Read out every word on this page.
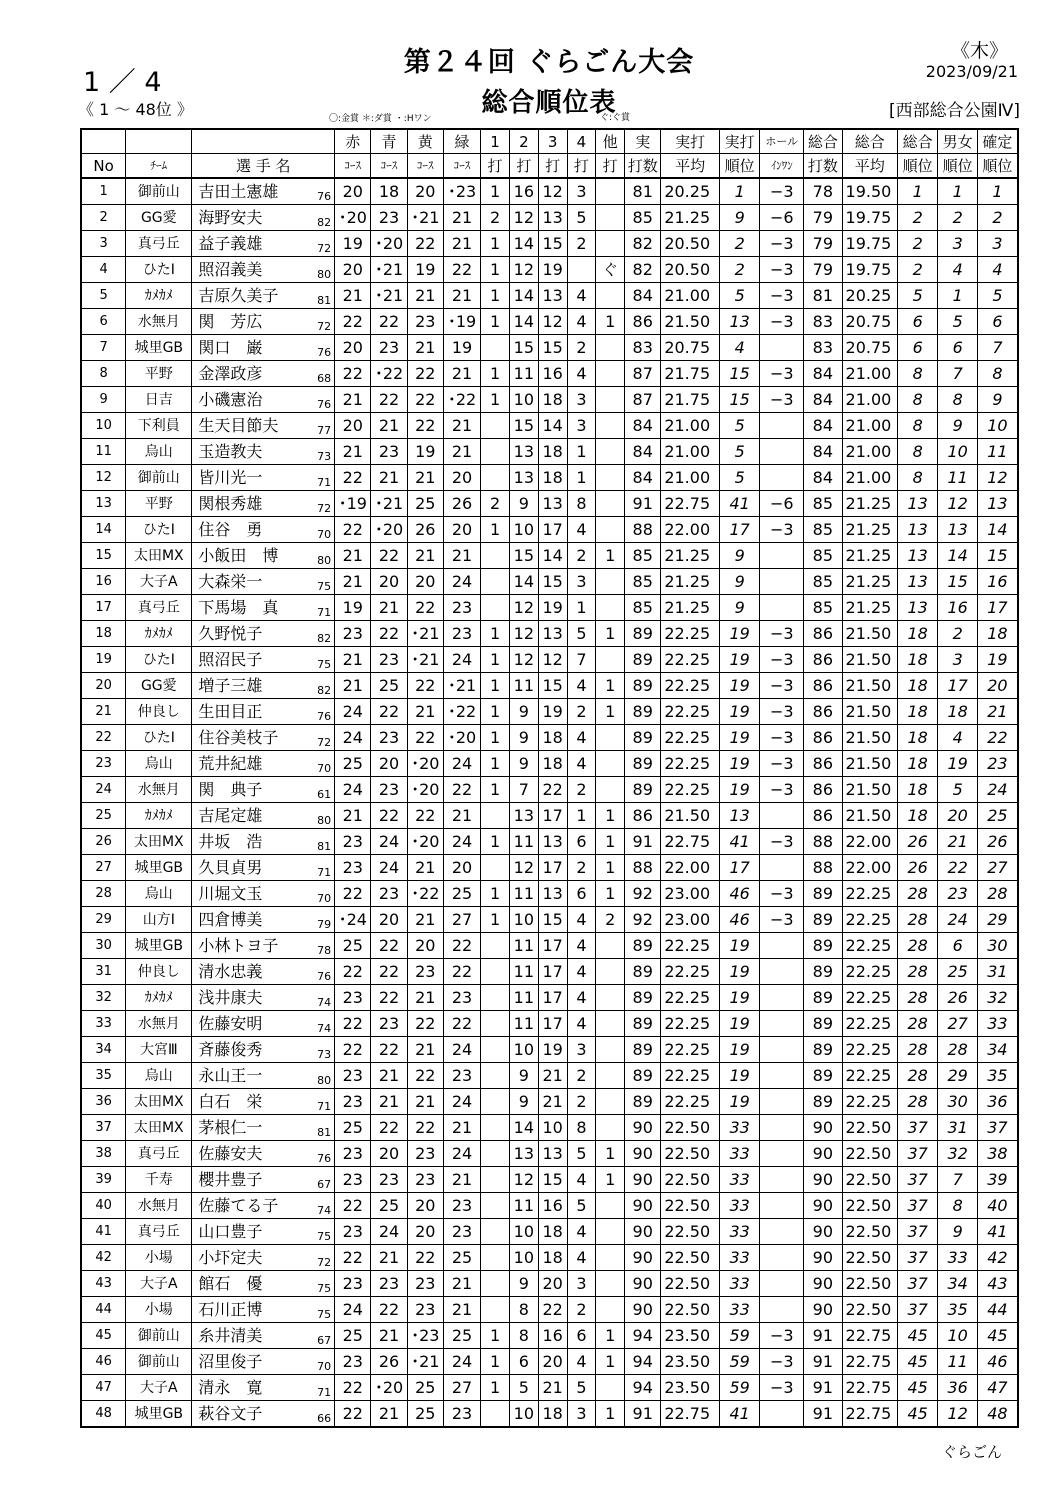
1 ／ 4
《 1 ～ 48位 》
第２４回 ぐらごん大会
総合順位表
《木》
2023/09/21
[西部総合公園Ⅳ]
〇:金賞 ＊:ダ賞 ・:Hワン	ぐ:ぐ賞
			赤	青	黄	緑	1	2	3	4	他	実	実打	実打	ホール	総合	総合	総合	男女	確定
No	ﾁｰﾑ	選 手 名	ｺｰｽ	ｺｰｽ	ｺｰｽ	ｺｰｽ	打	打	打	打	打	打数	平均	順位	ｲﾝﾜﾝ	打数	平均	順位	順位	順位
1	御前山	吉田土憲雄 76	20	18	20	･23	1	16	12	3		81	20.25	1	−3	78	19.50	1	1	1
2	GG愛	海野安夫 82	･20	23	･21	21	2	12	13	5		85	21.25	9	−6	79	19.75	2	2	2
3	真弓丘	益子義雄 72	19	･20	22	21	1	14	15	2		82	20.50	2	−3	79	19.75	2	3	3
4	ひたⅠ	照沼義美 80	20	･21	19	22	1	12	19		ぐ	82	20.50	2	−3	79	19.75	2	4	4
5	ｶﾒｶﾒ	吉原久美子 81	21	･21	21	21	1	14	13	4		84	21.00	5	−3	81	20.25	5	1	5
6	水無月	関　芳広 72	22	22	23	･19	1	14	12	4	1	86	21.50	13	−3	83	20.75	6	5	6
7	城里GB	関口　巌 76	20	23	21	19		15	15	2		83	20.75	4		83	20.75	6	6	7
8	平野	金澤政彦 68	22	･22	22	21	1	11	16	4		87	21.75	15	−3	84	21.00	8	7	8
9	日吉	小磯憲治 76	21	22	22	･22	1	10	18	3		87	21.75	15	−3	84	21.00	8	8	9
10	下利員	生天目節夫 77	20	21	22	21		15	14	3		84	21.00	5		84	21.00	8	9	10
11	烏山	玉造教夫 73	21	23	19	21		13	18	1		84	21.00	5		84	21.00	8	10	11
12	御前山	皆川光一 71	22	21	21	20		13	18	1		84	21.00	5		84	21.00	8	11	12
13	平野	関根秀雄 72	･19	･21	25	26	2	9	13	8		91	22.75	41	−6	85	21.25	13	12	13
14	ひたⅠ	住谷　勇 70	22	･20	26	20	1	10	17	4		88	22.00	17	−3	85	21.25	13	13	14
15	太田MX	小飯田　博 80	21	22	21	21		15	14	2	1	85	21.25	9		85	21.25	13	14	15
16	大子A	大森栄一 75	21	20	20	24		14	15	3		85	21.25	9		85	21.25	13	15	16
17	真弓丘	下馬場　真 71	19	21	22	23		12	19	1		85	21.25	9		85	21.25	13	16	17
18	ｶﾒｶﾒ	久野悦子 82	23	22	･21	23	1	12	13	5	1	89	22.25	19	−3	86	21.50	18	2	18
19	ひたⅠ	照沼民子 75	21	23	･21	24	1	12	12	7		89	22.25	19	−3	86	21.50	18	3	19
20	GG愛	増子三雄 82	21	25	22	･21	1	11	15	4	1	89	22.25	19	−3	86	21.50	18	17	20
21	仲良し	生田目正 76	24	22	21	･22	1	9	19	2	1	89	22.25	19	−3	86	21.50	18	18	21
22	ひたⅠ	住谷美枝子 72	24	23	22	･20	1	9	18	4		89	22.25	19	−3	86	21.50	18	4	22
23	烏山	荒井紀雄 70	25	20	･20	24	1	9	18	4		89	22.25	19	−3	86	21.50	18	19	23
24	水無月	関　典子 61	24	23	･20	22	1	7	22	2		89	22.25	19	−3	86	21.50	18	5	24
25	ｶﾒｶﾒ	吉尾定雄 80	21	22	22	21		13	17	1	1	86	21.50	13		86	21.50	18	20	25
26	太田MX	井坂　浩 81	23	24	･20	24	1	11	13	6	1	91	22.75	41	−3	88	22.00	26	21	26
27	城里GB	久貝貞男 71	23	24	21	20		12	17	2	1	88	22.00	17		88	22.00	26	22	27
28	烏山	川堀文玉 70	22	23	･22	25	1	11	13	6	1	92	23.00	46	−3	89	22.25	28	23	28
29	山方Ⅰ	四倉博美 79	･24	20	21	27	1	10	15	4	2	92	23.00	46	−3	89	22.25	28	24	29
30	城里GB	小林トヨ子 78	25	22	20	22		11	17	4		89	22.25	19		89	22.25	28	6	30
31	仲良し	清水忠義 76	22	22	23	22		11	17	4		89	22.25	19		89	22.25	28	25	31
32	ｶﾒｶﾒ	浅井康夫 74	23	22	21	23		11	17	4		89	22.25	19		89	22.25	28	26	32
33	水無月	佐藤安明 74	22	23	22	22		11	17	4		89	22.25	19		89	22.25	28	27	33
34	大宮Ⅲ	斉藤俊秀 73	22	22	21	24		10	19	3		89	22.25	19		89	22.25	28	28	34
35	烏山	永山王一 80	23	21	22	23		9	21	2		89	22.25	19		89	22.25	28	29	35
36	太田MX	白石　栄 71	23	21	21	24		9	21	2		89	22.25	19		89	22.25	28	30	36
37	太田MX	茅根仁一 81	25	22	22	21		14	10	8		90	22.50	33		90	22.50	37	31	37
38	真弓丘	佐藤安夫 76	23	20	23	24		13	13	5	1	90	22.50	33		90	22.50	37	32	38
39	千寿	櫻井豊子 67	23	23	23	21		12	15	4	1	90	22.50	33		90	22.50	37	7	39
40	水無月	佐藤てる子 74	22	25	20	23		11	16	5		90	22.50	33		90	22.50	37	8	40
41	真弓丘	山口豊子 75	23	24	20	23		10	18	4		90	22.50	33		90	22.50	37	9	41
42	小場	小圷定夫 72	22	21	22	25		10	18	4		90	22.50	33		90	22.50	37	33	42
43	大子A	館石　優 75	23	23	23	21		9	20	3		90	22.50	33		90	22.50	37	34	43
44	小場	石川正博 75	24	22	23	21		8	22	2		90	22.50	33		90	22.50	37	35	44
45	御前山	糸井清美 67	25	21	･23	25	1	8	16	6	1	94	23.50	59	−3	91	22.75	45	10	45
46	御前山	沼里俊子 70	23	26	･21	24	1	6	20	4	1	94	23.50	59	−3	91	22.75	45	11	46
47	大子A	清永　寛 71	22	･20	25	27	1	5	21	5		94	23.50	59	−3	91	22.75	45	36	47
48	城里GB	萩谷文子 66	22	21	25	23		10	18	3	1	91	22.75	41		91	22.75	45	12	48
ぐらごん
